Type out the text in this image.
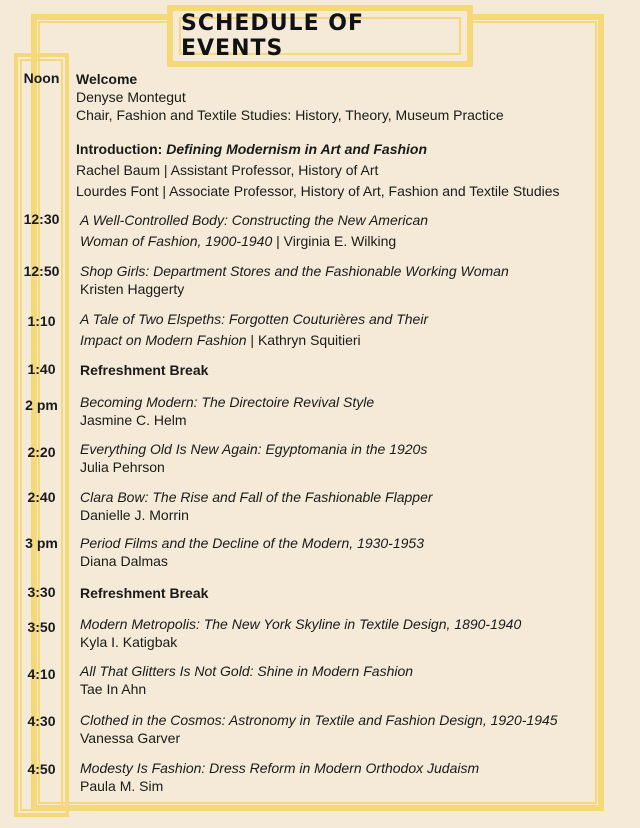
SCHEDULE OF EVENTS
Noon	Welcome
Denyse Montegut
Chair, Fashion and Textile Studies: History, Theory, Museum Practice
Introduction: Defining Modernism in Art and Fashion
Rachel Baum | Assistant Professor, History of Art
Lourdes Font | Associate Professor, History of Art, Fashion and Textile Studies
12:30	A Well-Controlled Body: Constructing the New American
Woman of Fashion, 1900-1940 | Virginia E. Wilking
12:50	Shop Girls: Department Stores and the Fashionable Working Woman
Kristen Haggerty
1:10	A Tale of Two Elspeths: Forgotten Couturières and Their
Impact on Modern Fashion | Kathryn Squitieri
1:40	Refreshment Break
2 pm	Becoming Modern: The Directoire Revival Style
Jasmine C. Helm
2:20	Everything Old Is New Again: Egyptomania in the 1920s
Julia Pehrson
2:40	Clara Bow: The Rise and Fall of the Fashionable Flapper
Danielle J. Morrin
3 pm	Period Films and the Decline of the Modern, 1930-1953
Diana Dalmas
3:30	Refreshment Break
3:50	Modern Metropolis: The New York Skyline in Textile Design, 1890-1940
Kyla I. Katigbak
4:10	All That Glitters Is Not Gold: Shine in Modern Fashion
Tae In Ahn
4:30	Clothed in the Cosmos: Astronomy in Textile and Fashion Design, 1920-1945
Vanessa Garver
4:50	Modesty Is Fashion: Dress Reform in Modern Orthodox Judaism
Paula M. Sim
